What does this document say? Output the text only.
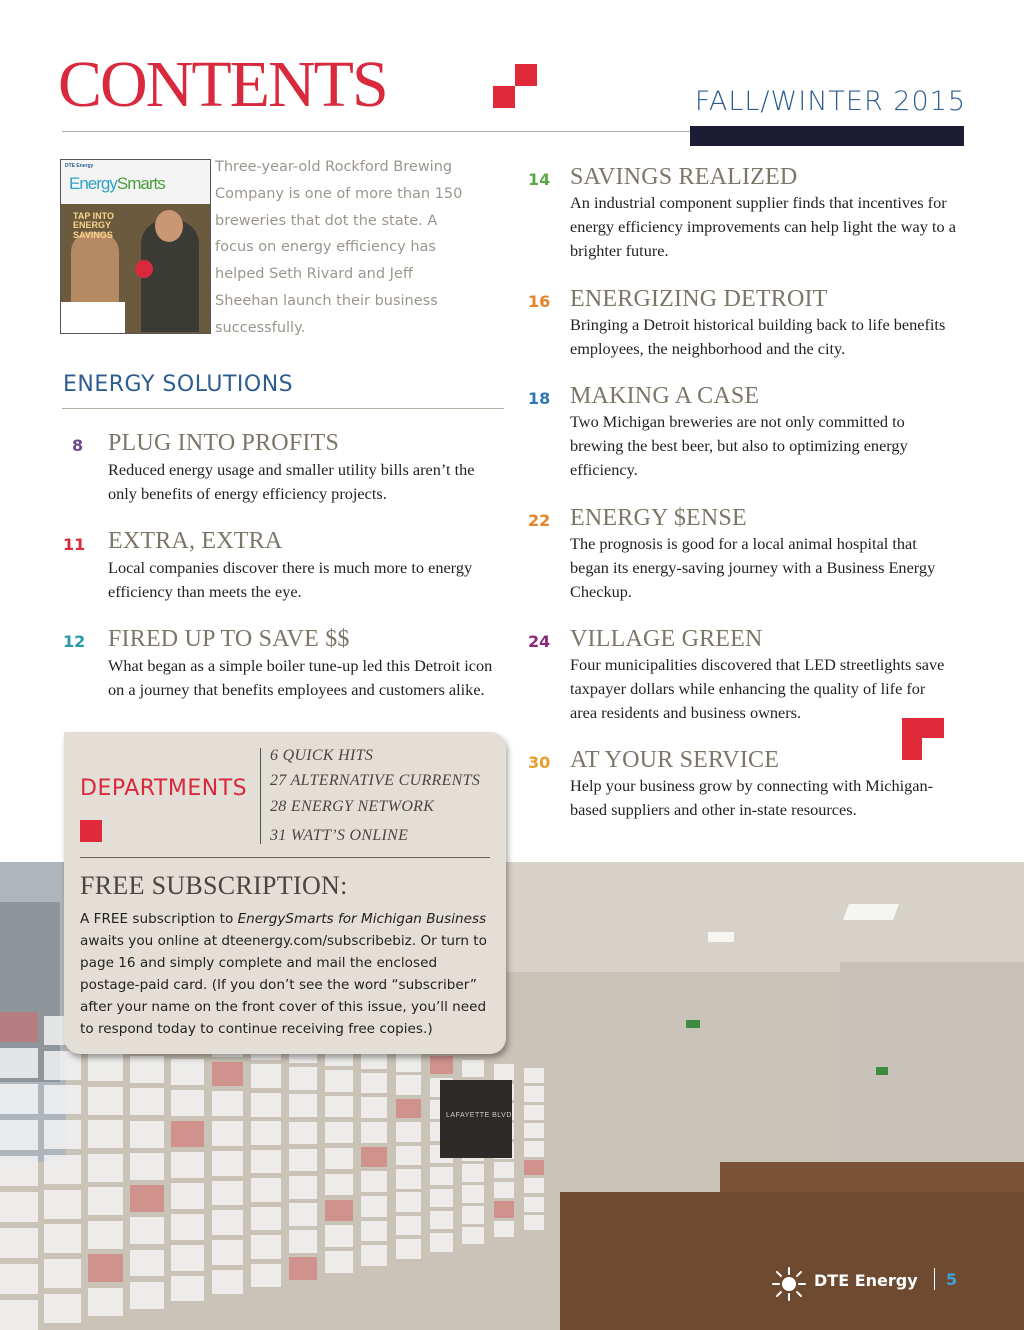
CONTENTS	FALL/WINTER 2015
DTE Energy
EnergySmarts
TAP INTO ENERGY SAVINGS
Three-year-old Rockford Brewing Company is one of more than 150 breweries that dot the state. A focus on energy efficiency has helped Seth Rivard and Jeff Sheehan launch their business successfully.
ENERGY SOLUTIONS
8 PLUG INTO PROFITS
Reduced energy usage and smaller utility bills aren’t the only benefits of energy efficiency projects.
11 EXTRA, EXTRA
Local companies discover there is much more to energy efficiency than meets the eye.
12 FIRED UP TO SAVE $$
What began as a simple boiler tune-up led this Detroit icon on a journey that benefits employees and customers alike.
14 SAVINGS REALIZED
An industrial component supplier finds that incentives for energy efficiency improvements can help light the way to a brighter future.
16 ENERGIZING DETROIT
Bringing a Detroit historical building back to life benefits employees, the neighborhood and the city.
18 MAKING A CASE
Two Michigan breweries are not only committed to brewing the best beer, but also to optimizing energy efficiency.
22 ENERGY $ENSE
The prognosis is good for a local animal hospital that began its energy-saving journey with a Business Energy Checkup.
24 VILLAGE GREEN
Four municipalities discovered that LED streetlights save taxpayer dollars while enhancing the quality of life for area residents and business owners.
30 AT YOUR SERVICE
Help your business grow by connecting with Michigan-based suppliers and other in-state resources.
LAFAYETTE BLVD
DEPARTMENTS
6 QUICK HITS
27 ALTERNATIVE CURRENTS
28 ENERGY NETWORK
31 WATT’S ONLINE
FREE SUBSCRIPTION:
A FREE subscription to EnergySmarts for Michigan Business awaits you online at dteenergy.com/subscribebiz. Or turn to page 16 and simply complete and mail the enclosed postage-paid card. (If you don’t see the word “subscriber” after your name on the front cover of this issue, you’ll need to respond today to continue receiving free copies.)
DTE Energy 5
